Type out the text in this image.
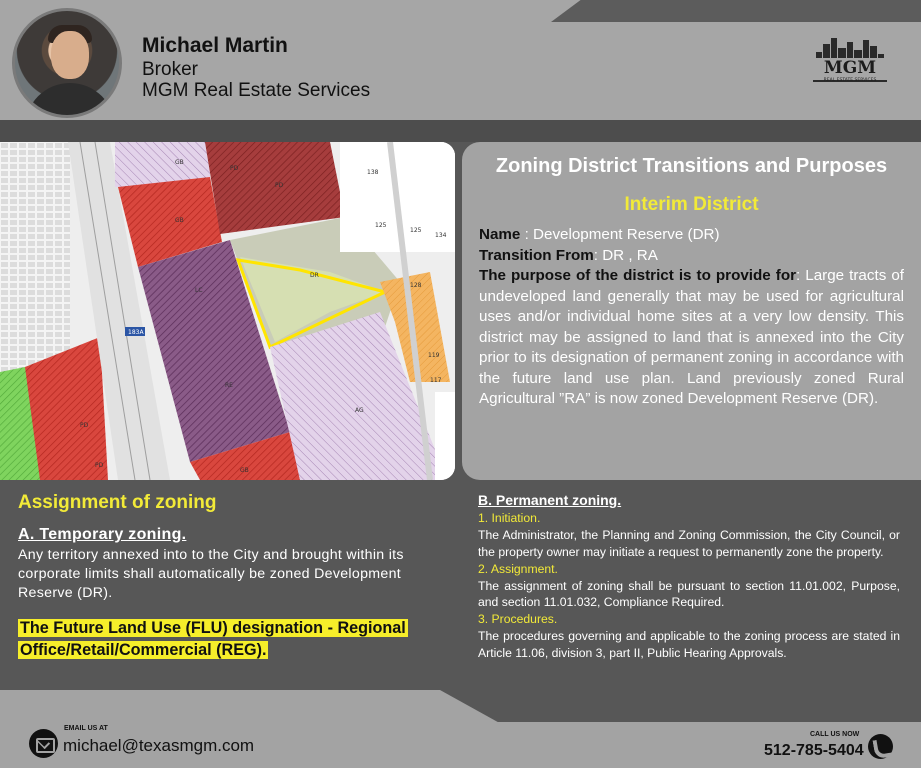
Michael Martin
Broker
MGM Real Estate Services
MGM
REAL ESTATE SERVICES
PD
GB
LC
RE
DR
PD
GB
GB
AG
PD
PD
138
125
125
134
128
119
117
183A
Zoning District Transitions and Purposes
Interim District
Name : Development Reserve (DR)
Transition From: DR , RA
The purpose of the district is to provide for: Large tracts of undeveloped land generally that may be used for agricultural uses and/or individual home sites at a very low density. This district may be assigned to land that is annexed into the City prior to its designation of permanent zoning in accordance with the future land use plan. Land previously zoned Rural Agricultural ”RA” is now zoned Development Reserve (DR).
Assignment of zoning
A. Temporary zoning.
Any territory annexed into to the City and brought within its corporate limits shall automatically be zoned Development Reserve (DR).
The Future Land Use (FLU) designation - Regional Office/Retail/Commercial (REG).
B. Permanent zoning.
1. Initiation.
The Administrator, the Planning and Zoning Commission, the City Council, or the property owner may initiate a request to permanently zone the property.
2. Assignment.
The assignment of zoning shall be pursuant to section 11.01.002, Purpose, and section 11.01.032, Compliance Required.
3. Procedures.
The procedures governing and applicable to the zoning process are stated in Article 11.06, division 3, part II, Public Hearing Approvals.
EMAIL US AT
michael@texasmgm.com
CALL US NOW
512-785-5404
